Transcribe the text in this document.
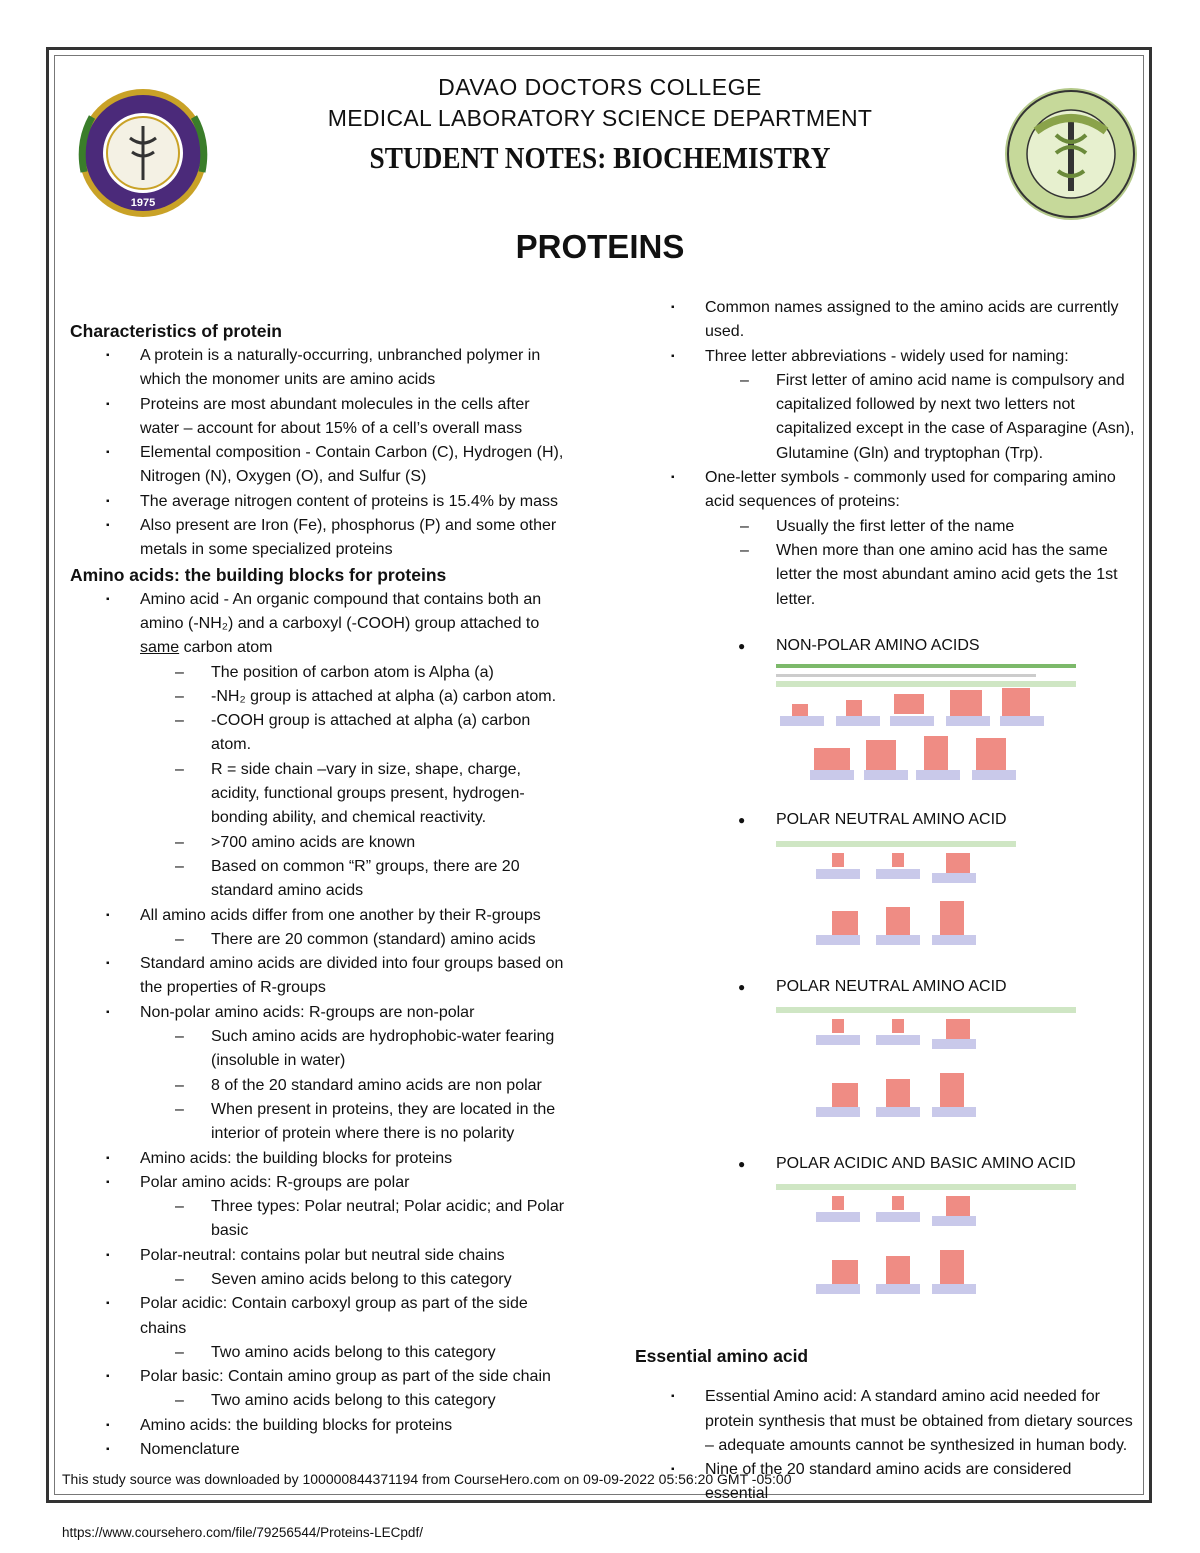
1975
DAVAO DOCTORS COLLEGE
MEDICAL LABORATORY SCIENCE DEPARTMENT
STUDENT NOTES: BIOCHEMISTRY
PROTEINS
Characteristics of protein
▪ A protein is a naturally-occurring, unbranched polymer in which the monomer units are amino acids
▪ Proteins are most abundant molecules in the cells after water – account for about 15% of a cell’s overall mass
▪ Elemental composition - Contain Carbon (C), Hydrogen (H), Nitrogen (N), Oxygen (O), and Sulfur (S)
▪ The average nitrogen content of proteins is 15.4% by mass
▪ Also present are Iron (Fe), phosphorus (P) and some other metals in some specialized proteins
Amino acids: the building blocks for proteins
▪ Amino acid - An organic compound that contains both an amino (-NH₂) and a carboxyl (-COOH) group attached to same carbon atom
– The position of carbon atom is Alpha (a)
– -NH₂ group is attached at alpha (a) carbon atom.
– -COOH group is attached at alpha (a) carbon atom.
– R = side chain –vary in size, shape, charge, acidity, functional groups present, hydrogen-bonding ability, and chemical reactivity.
– >700 amino acids are known
– Based on common “R” groups, there are 20 standard amino acids
▪ All amino acids differ from one another by their R-groups
– There are 20 common (standard) amino acids
▪ Standard amino acids are divided into four groups based on the properties of R-groups
▪ Non-polar amino acids: R-groups are non-polar
– Such amino acids are hydrophobic-water fearing (insoluble in water)
– 8 of the 20 standard amino acids are non polar
– When present in proteins, they are located in the interior of protein where there is no polarity
▪ Amino acids: the building blocks for proteins
▪ Polar amino acids: R-groups are polar
– Three types: Polar neutral; Polar acidic; and Polar basic
▪ Polar-neutral: contains polar but neutral side chains
– Seven amino acids belong to this category
▪ Polar acidic: Contain carboxyl group as part of the side chains
– Two amino acids belong to this category
▪ Polar basic: Contain amino group as part of the side chain
– Two amino acids belong to this category
▪ Amino acids: the building blocks for proteins
▪ Nomenclature
▪ Common names assigned to the amino acids are currently used.
▪ Three letter abbreviations - widely used for naming:
– First letter of amino acid name is compulsory and capitalized followed by next two letters not capitalized except in the case of Asparagine (Asn), Glutamine (Gln) and tryptophan (Trp).
▪ One-letter symbols - commonly used for comparing amino acid sequences of proteins:
– Usually the first letter of the name
– When more than one amino acid has the same letter the most abundant amino acid gets the 1st letter.
● NON-POLAR AMINO ACIDS
● POLAR NEUTRAL AMINO ACID
● POLAR NEUTRAL AMINO ACID
● POLAR ACIDIC AND BASIC AMINO ACID
Essential amino acid
▪ Essential Amino acid: A standard amino acid needed for protein synthesis that must be obtained from dietary sources – adequate amounts cannot be synthesized in human body.
▪ Nine of the 20 standard amino acids are considered essential
This study source was downloaded by 100000844371194 from CourseHero.com on 09-09-2022 05:56:20 GMT -05:00
https://www.coursehero.com/file/79256544/Proteins-LECpdf/
